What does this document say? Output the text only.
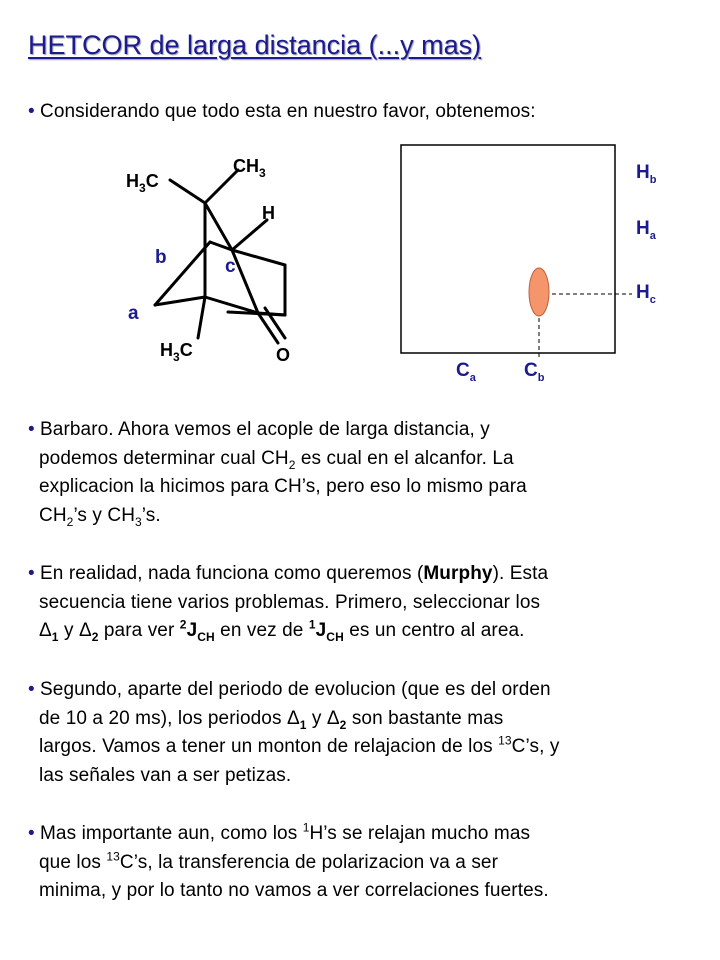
HETCOR de larga distancia (...y mas)
• Considerando que todo esta en nuestro favor, obtenemos:
$H_3C$
$CH_3$
H
$H_3C$	O
b	c
a
$H_b$
$H_a$
$H_c$
$C_a$	$C_b$
• Barbaro. Ahora vemos el acople de larga distancia, y
podemos determinar cual $CH_2$ es cual en el alcanfor. La
explicacion la hicimos para CH’s, pero eso lo mismo para
$CH_2’s$ y $CH_3’s$.
• En realidad, nada funciona como queremos (Murphy). Esta
secuencia tiene varios problemas. Primero, seleccionar los
$\Delta_1$ y $\Delta_2$ para ver $^2J_{CH}$ en vez de $^1J_{CH}$ es un centro al area.
• Segundo, aparte del periodo de evolucion (que es del orden
de 10 a 20 ms), los periodos $\Delta_1$ y $\Delta_2$ son bastante mas
largos. Vamos a tener un monton de relajacion de los $^{13}$C’s, y
las señales van a ser petizas.
• Mas importante aun, como los $^1$H’s se relajan mucho mas
que los $^{13}$C’s, la transferencia de polarizacion va a ser
minima, y por lo tanto no vamos a ver correlaciones fuertes.
